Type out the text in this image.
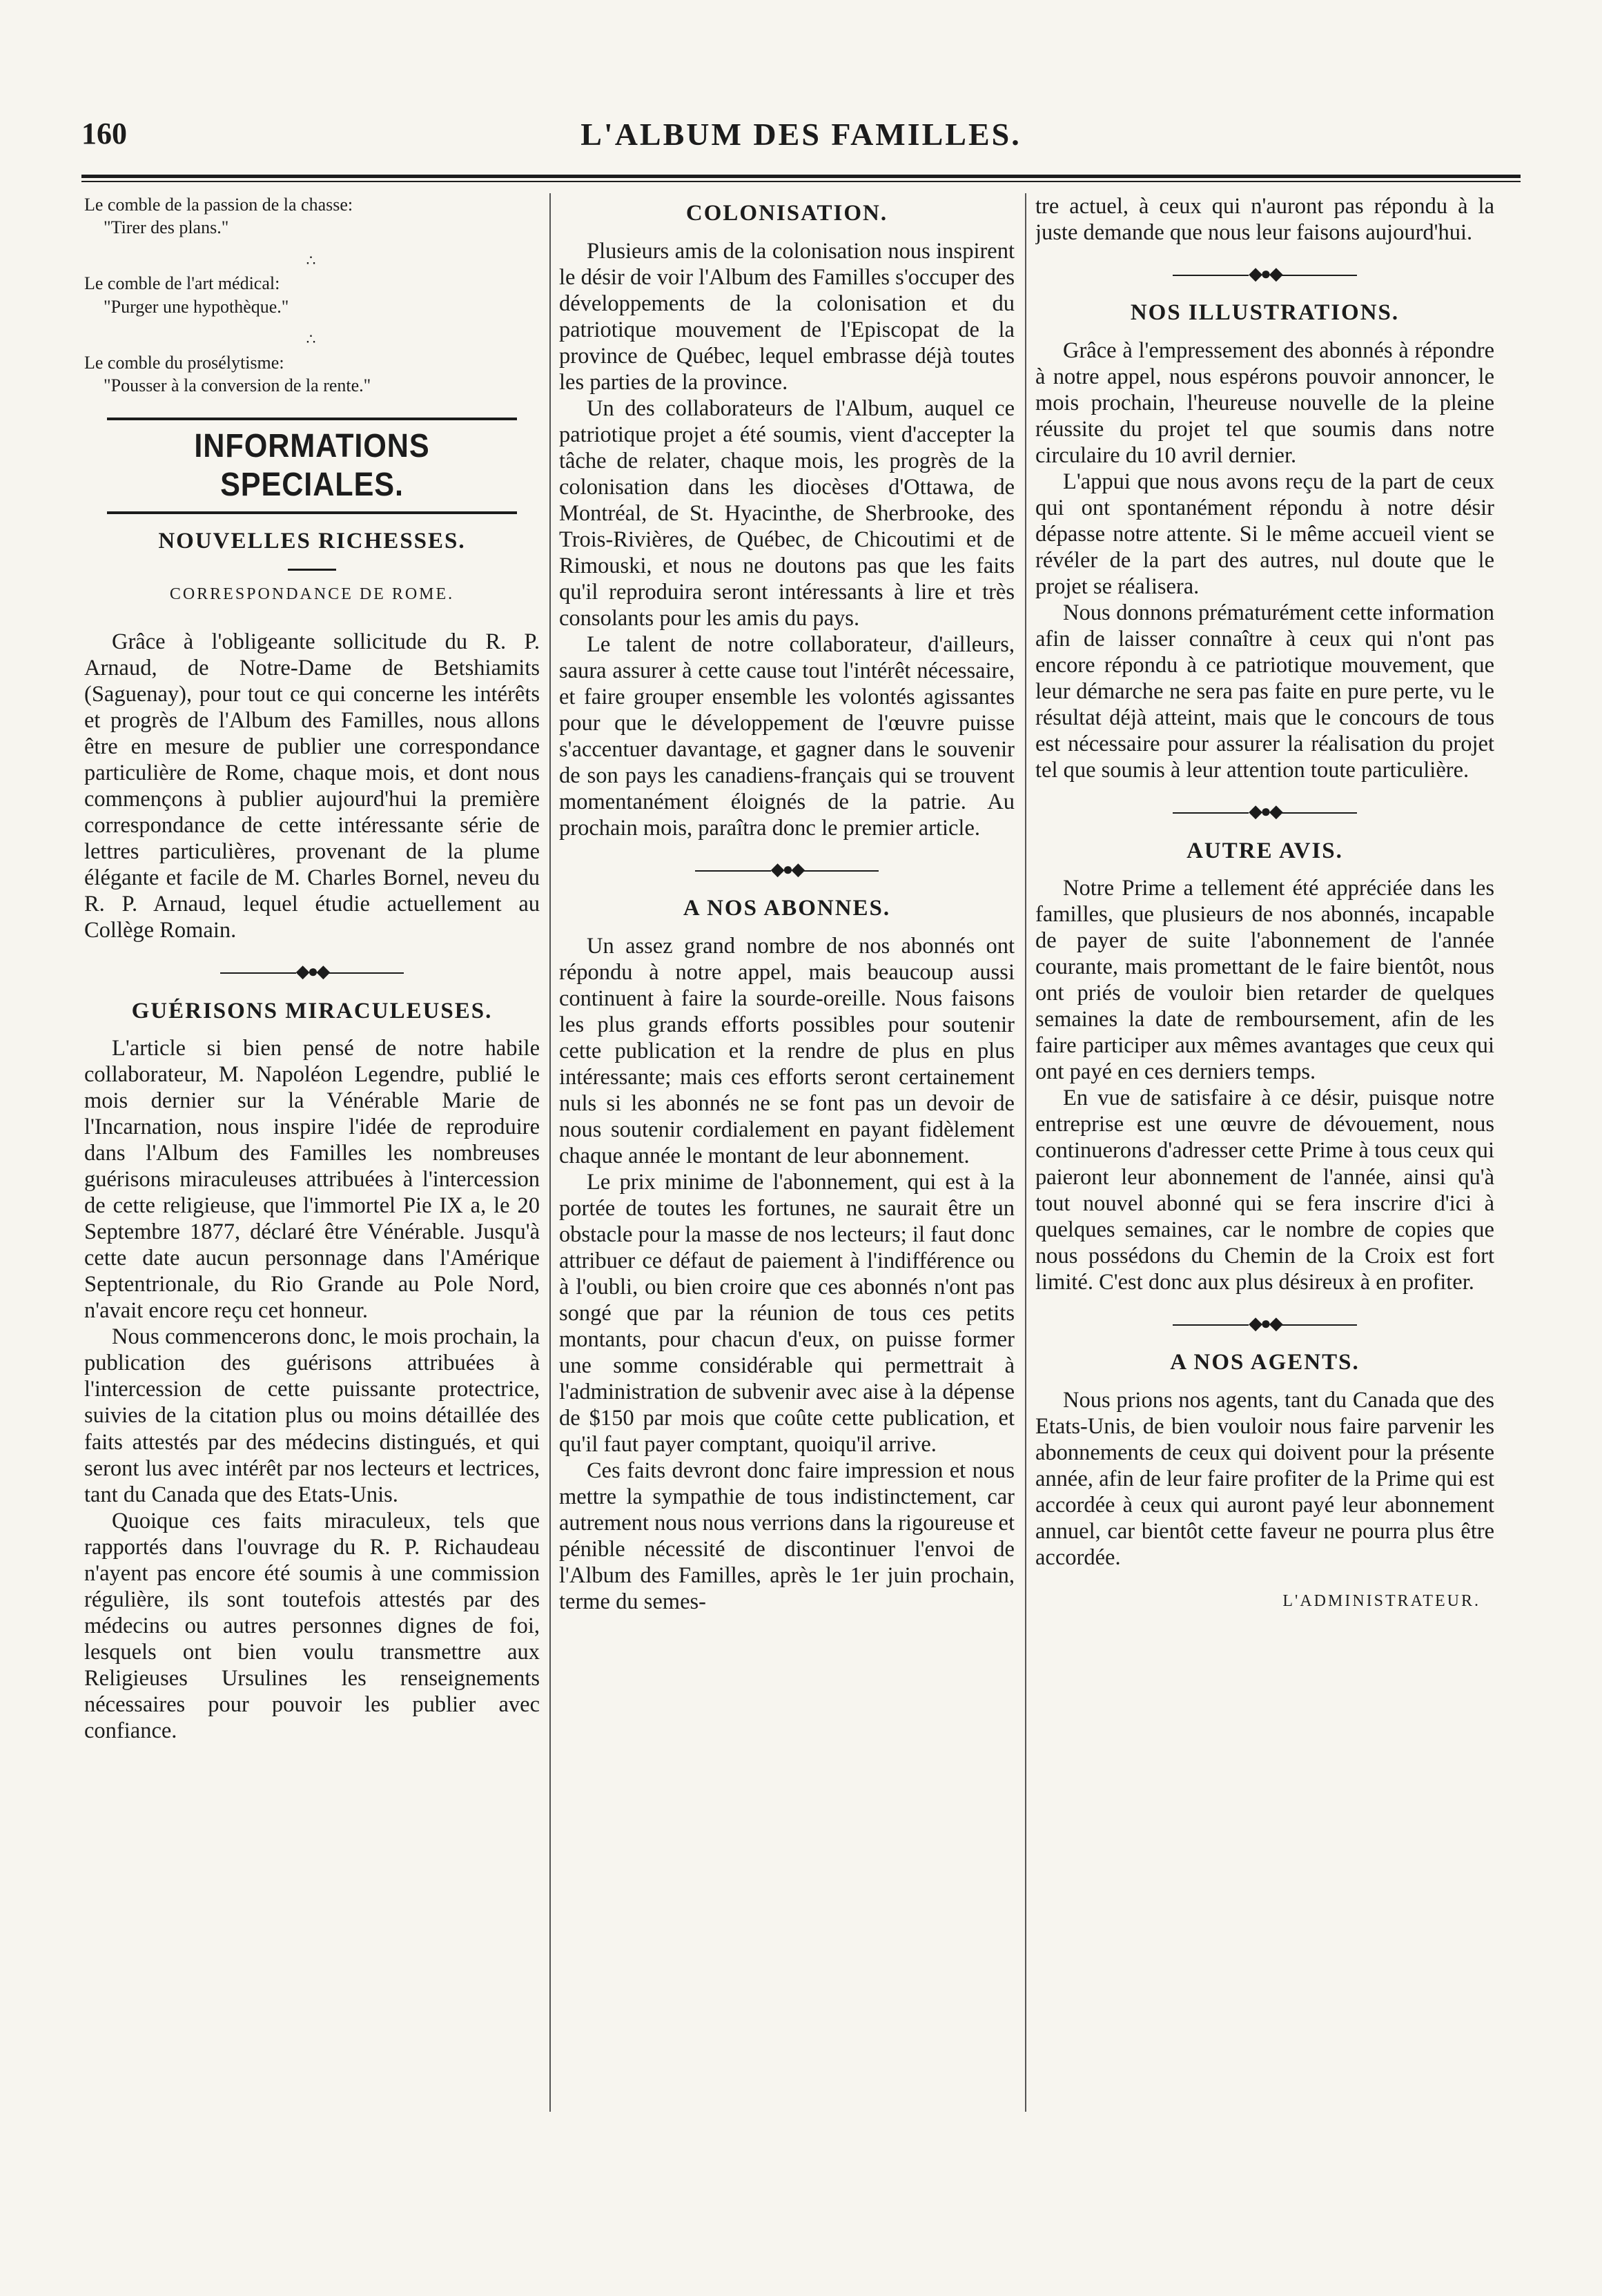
160	L'ALBUM DES FAMILLES.
Le comble de la passion de la chasse:
"Tirer des plans."
∴
Le comble de l'art médical:
"Purger une hypothèque."
∴
Le comble du prosélytisme:
"Pousser à la conversion de la rente."
INFORMATIONS SPECIALES.
NOUVELLES RICHESSES.
CORRESPONDANCE DE ROME.

Grâce à l'obligeante sollicitude du R. P. Arnaud, de Notre-Dame de Betshiamits (Saguenay), pour tout ce qui concerne les intérêts et progrès de l'Album des Familles, nous allons être en mesure de publier une correspondance particulière de Rome, chaque mois, et dont nous commençons à publier aujourd'hui la première correspondance de cette intéressante série de lettres particulières, provenant de la plume élégante et facile de M. Charles Bornel, neveu du R. P. Arnaud, lequel étudie actuellement au Collège Romain.

◆●◆
GUÉRISONS MIRACULEUSES.

L'article si bien pensé de notre habile collaborateur, M. Napoléon Legendre, publié le mois dernier sur la Vénérable Marie de l'Incarnation, nous inspire l'idée de reproduire dans l'Album des Familles les nombreuses guérisons miraculeuses attribuées à l'intercession de cette religieuse, que l'immortel Pie IX a, le 20 Septembre 1877, déclaré être Vénérable. Jusqu'à cette date aucun personnage dans l'Amérique Septentrionale, du Rio Grande au Pole Nord, n'avait encore reçu cet honneur.

Nous commencerons donc, le mois prochain, la publication des guérisons attribuées à l'intercession de cette puissante protectrice, suivies de la citation plus ou moins détaillée des faits attestés par des médecins distingués, et qui seront lus avec intérêt par nos lecteurs et lectrices, tant du Canada que des Etats-Unis.

Quoique ces faits miraculeux, tels que rapportés dans l'ouvrage du R. P. Richaudeau n'ayent pas encore été soumis à une commission régulière, ils sont toutefois attestés par des médecins ou autres personnes dignes de foi, lesquels ont bien voulu transmettre aux Religieuses Ursulines les renseignements nécessaires pour pouvoir les publier avec confiance.

COLONISATION.

Plusieurs amis de la colonisation nous inspirent le désir de voir l'Album des Familles s'occuper des développements de la colonisation et du patriotique mouvement de l'Episcopat de la province de Québec, lequel embrasse déjà toutes les parties de la province.

Un des collaborateurs de l'Album, auquel ce patriotique projet a été soumis, vient d'accepter la tâche de relater, chaque mois, les progrès de la colonisation dans les diocèses d'Ottawa, de Montréal, de St. Hyacinthe, de Sherbrooke, des Trois-Rivières, de Québec, de Chicoutimi et de Rimouski, et nous ne doutons pas que les faits qu'il reproduira seront intéressants à lire et très consolants pour les amis du pays.

Le talent de notre collaborateur, d'ailleurs, saura assurer à cette cause tout l'intérêt nécessaire, et faire grouper ensemble les volontés agissantes pour que le développement de l'œuvre puisse s'accentuer davantage, et gagner dans le souvenir de son pays les canadiens-français qui se trouvent momentanément éloignés de la patrie. Au prochain mois, paraîtra donc le premier article.

◆●◆
A NOS ABONNES.

Un assez grand nombre de nos abonnés ont répondu à notre appel, mais beaucoup aussi continuent à faire la sourde-oreille. Nous faisons les plus grands efforts possibles pour soutenir cette publication et la rendre de plus en plus intéressante; mais ces efforts seront certainement nuls si les abonnés ne se font pas un devoir de nous soutenir cordialement en payant fidèlement chaque année le montant de leur abonnement.

Le prix minime de l'abonnement, qui est à la portée de toutes les fortunes, ne saurait être un obstacle pour la masse de nos lecteurs; il faut donc attribuer ce défaut de paiement à l'indifférence ou à l'oubli, ou bien croire que ces abonnés n'ont pas songé que par la réunion de tous ces petits montants, pour chacun d'eux, on puisse former une somme considérable qui permettrait à l'administration de subvenir avec aise à la dépense de $150 par mois que coûte cette publication, et qu'il faut payer comptant, quoiqu'il arrive.

Ces faits devront donc faire impression et nous mettre la sympathie de tous indistinctement, car autrement nous nous verrions dans la rigoureuse et pénible nécessité de discontinuer l'envoi de l'Album des Familles, après le 1er juin prochain, terme du semes-

tre actuel, à ceux qui n'auront pas répondu à la juste demande que nous leur faisons aujourd'hui.

◆●◆
NOS ILLUSTRATIONS.

Grâce à l'empressement des abonnés à répondre à notre appel, nous espérons pouvoir annoncer, le mois prochain, l'heureuse nouvelle de la pleine réussite du projet tel que soumis dans notre circulaire du 10 avril dernier.

L'appui que nous avons reçu de la part de ceux qui ont spontanément répondu à notre désir dépasse notre attente. Si le même accueil vient se révéler de la part des autres, nul doute que le projet se réalisera.

Nous donnons prématurément cette information afin de laisser connaître à ceux qui n'ont pas encore répondu à ce patriotique mouvement, que leur démarche ne sera pas faite en pure perte, vu le résultat déjà atteint, mais que le concours de tous est nécessaire pour assurer la réalisation du projet tel que soumis à leur attention toute particulière.

◆●◆
AUTRE AVIS.

Notre Prime a tellement été appréciée dans les familles, que plusieurs de nos abonnés, incapable de payer de suite l'abonnement de l'année courante, mais promettant de le faire bientôt, nous ont priés de vouloir bien retarder de quelques semaines la date de remboursement, afin de les faire participer aux mêmes avantages que ceux qui ont payé en ces derniers temps.

En vue de satisfaire à ce désir, puisque notre entreprise est une œuvre de dévouement, nous continuerons d'adresser cette Prime à tous ceux qui paieront leur abonnement de l'année, ainsi qu'à tout nouvel abonné qui se fera inscrire d'ici à quelques semaines, car le nombre de copies que nous possédons du Chemin de la Croix est fort limité. C'est donc aux plus désireux à en profiter.

◆●◆
A NOS AGENTS.

Nous prions nos agents, tant du Canada que des Etats-Unis, de bien vouloir nous faire parvenir les abonnements de ceux qui doivent pour la présente année, afin de leur faire profiter de la Prime qui est accordée à ceux qui auront payé leur abonnement annuel, car bientôt cette faveur ne pourra plus être accordée.

L'ADMINISTRATEUR.
